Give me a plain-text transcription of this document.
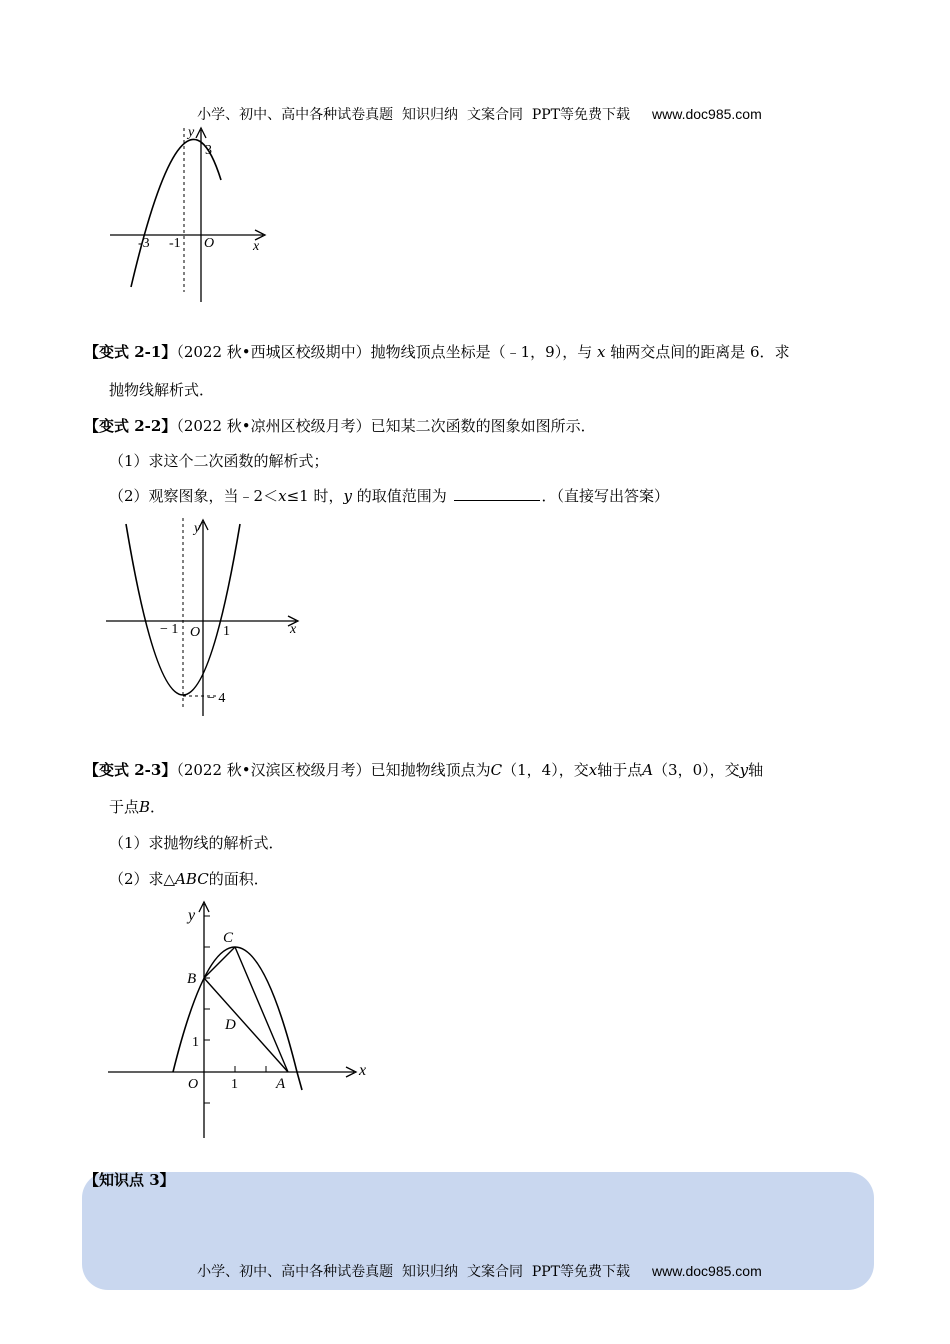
小学、初中、高中各种试卷真题  知识归纳  文案合同  PPT等免费下载 www.doc985.com

y
3
-3 -1 O	x
【变式 2-1】（2022 秋•西城区校级期中）抛物线顶点坐标是（﹣1，9），与 x 轴两交点间的距离是 6．求
抛物线解析式．
【变式 2-2】（2022 秋•凉州区校级月考）已知某二次函数的图象如图所示．
（1）求这个二次函数的解析式；
（2）观察图象，当﹣2＜x≤1 时，y 的取值范围为	．（直接写出答案）
y
− 1 O 1	x
− 4
【变式 2-3】（2022 秋•汉滨区校级月考）已知抛物线顶点为C（1，4），交x轴于点A（3，0），交y轴
于点B．
（1）求抛物线的解析式．
（2）求△ABC的面积．
y
C
B
D
1
O 1	A
x
【知识点 3】

小学、初中、高中各种试卷真题  知识归纳  文案合同  PPT等免费下载 www.doc985.com
